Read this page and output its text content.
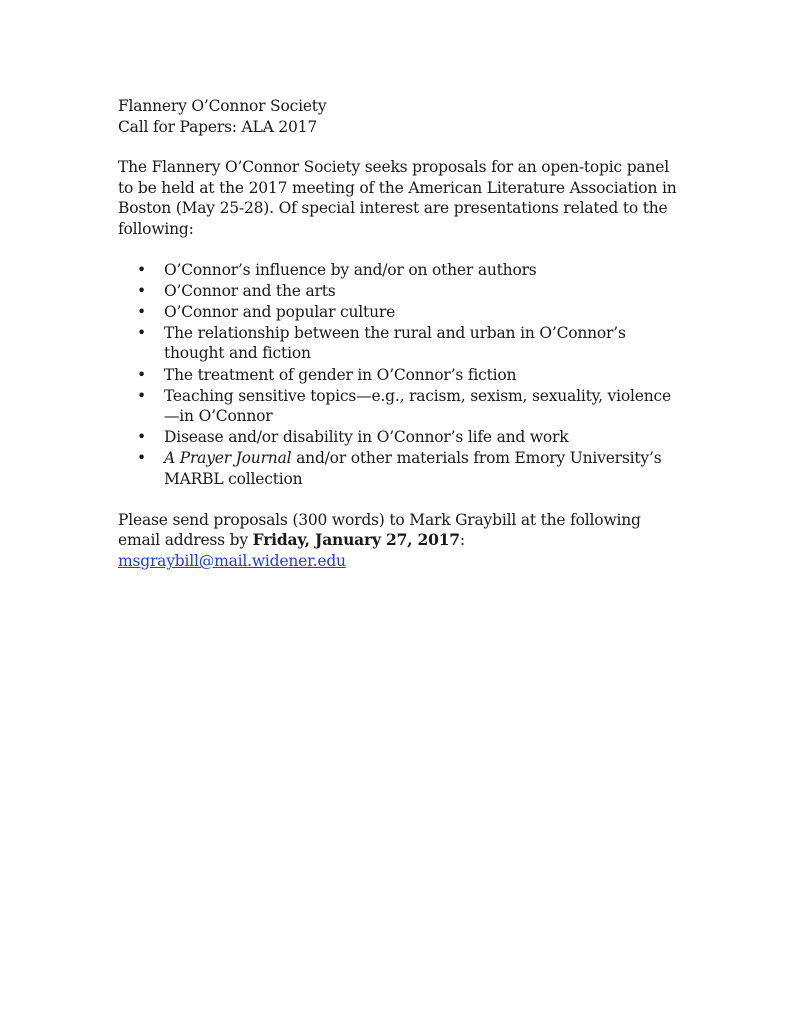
Flannery O’Connor Society
Call for Papers: ALA 2017

The Flannery O’Connor Society seeks proposals for an open-topic panel to be held at the 2017 meeting of the American Literature Association in Boston (May 25-28). Of special interest are presentations related to the following:

• O’Connor’s influence by and/or on other authors
• O’Connor and the arts
• O’Connor and popular culture
• The relationship between the rural and urban in O’Connor’s thought and fiction
• The treatment of gender in O’Connor’s fiction
• Teaching sensitive topics—e.g., racism, sexism, sexuality, violence—in O’Connor
• Disease and/or disability in O’Connor’s life and work
• A Prayer Journal and/or other materials from Emory University’s MARBL collection

Please send proposals (300 words) to Mark Graybill at the following email address by Friday, January 27, 2017:
msgraybill@mail.widener.edu
